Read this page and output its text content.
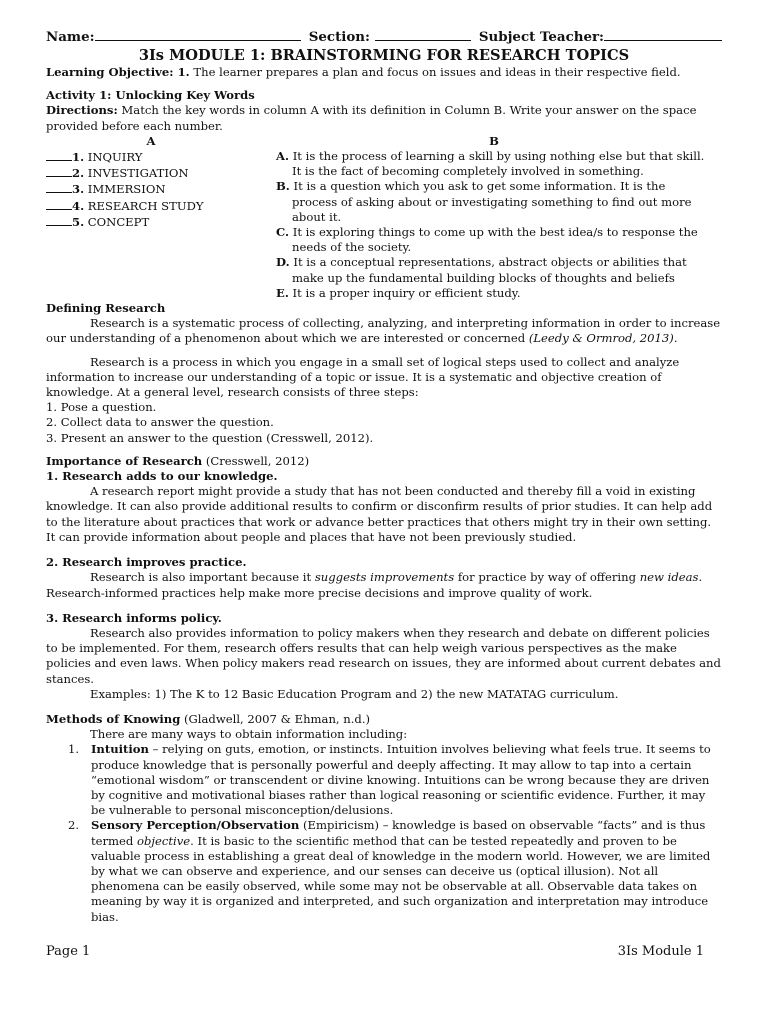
Name:	Section:	Subject Teacher:
3Is MODULE 1: BRAINSTORMING FOR RESEARCH TOPICS

Learning Objective: 1. The learner prepares a plan and focus on issues and ideas in their respective field.

Activity 1: Unlocking Key Words

Directions: Match the key words in column A with its definition in Column B. Write your answer on the space provided before each number.

A
1. INQUIRY
2. INVESTIGATION
3. IMMERSION
4. RESEARCH STUDY
5. CONCEPT
B
A. It is the process of learning a skill by using nothing else but that skill. It is the fact of becoming completely involved in something.
B. It is a question which you ask to get some information. It is the process of asking about or investigating something to find out more about it.
C. It is exploring things to come up with the best idea/s to response the needs of the society.
D. It is a conceptual representations, abstract objects or abilities that make up the fundamental building blocks of thoughts and beliefs
E. It is a proper inquiry or efficient study.

Defining Research

Research is a systematic process of collecting, analyzing, and interpreting information in order to increase our understanding of a phenomenon about which we are interested or concerned (Leedy & Ormrod, 2013).

Research is a process in which you engage in a small set of logical steps used to collect and analyze information to increase our understanding of a topic or issue. It is a systematic and objective creation of knowledge. At a general level, research consists of three steps:

1. Pose a question.

2. Collect data to answer the question.

3. Present an answer to the question (Cresswell, 2012).

Importance of Research (Cresswell, 2012)

1. Research adds to our knowledge.

A research report might provide a study that has not been conducted and thereby fill a void in existing knowledge. It can also provide additional results to confirm or disconfirm results of prior studies. It can help add to the literature about practices that work or advance better practices that others might try in their own setting. It can provide information about people and places that have not been previously studied.

2. Research improves practice.

Research is also important because it suggests improvements for practice by way of offering new ideas. Research-informed practices help make more precise decisions and improve quality of work.

3. Research informs policy.

Research also provides information to policy makers when they research and debate on different policies to be implemented. For them, research offers results that can help weigh various perspectives as the make policies and even laws. When policy makers read research on issues, they are informed about current debates and stances.

Examples: 1) The K to 12 Basic Education Program and 2) the new MATATAG curriculum.

Methods of Knowing (Gladwell, 2007 & Ehman, n.d.)

There are many ways to obtain information including:

1. Intuition – relying on guts, emotion, or instincts. Intuition involves believing what feels true. It seems to produce knowledge that is personally powerful and deeply affecting. It may allow to tap into a certain “emotional wisdom” or transcendent or divine knowing. Intuitions can be wrong because they are driven by cognitive and motivational biases rather than logical reasoning or scientific evidence. Further, it may be vulnerable to personal misconception/delusions.
2. Sensory Perception/Observation (Empiricism) – knowledge is based on observable “facts” and is thus termed objective. It is basic to the scientific method that can be tested repeatedly and proven to be valuable process in establishing a great deal of knowledge in the modern world. However, we are limited by what we can observe and experience, and our senses can deceive us (optical illusion). Not all phenomena can be easily observed, while some may not be observable at all. Observable data takes on meaning by way it is organized and interpreted, and such organization and interpretation may introduce bias.
Page 1	3Is Module 1
